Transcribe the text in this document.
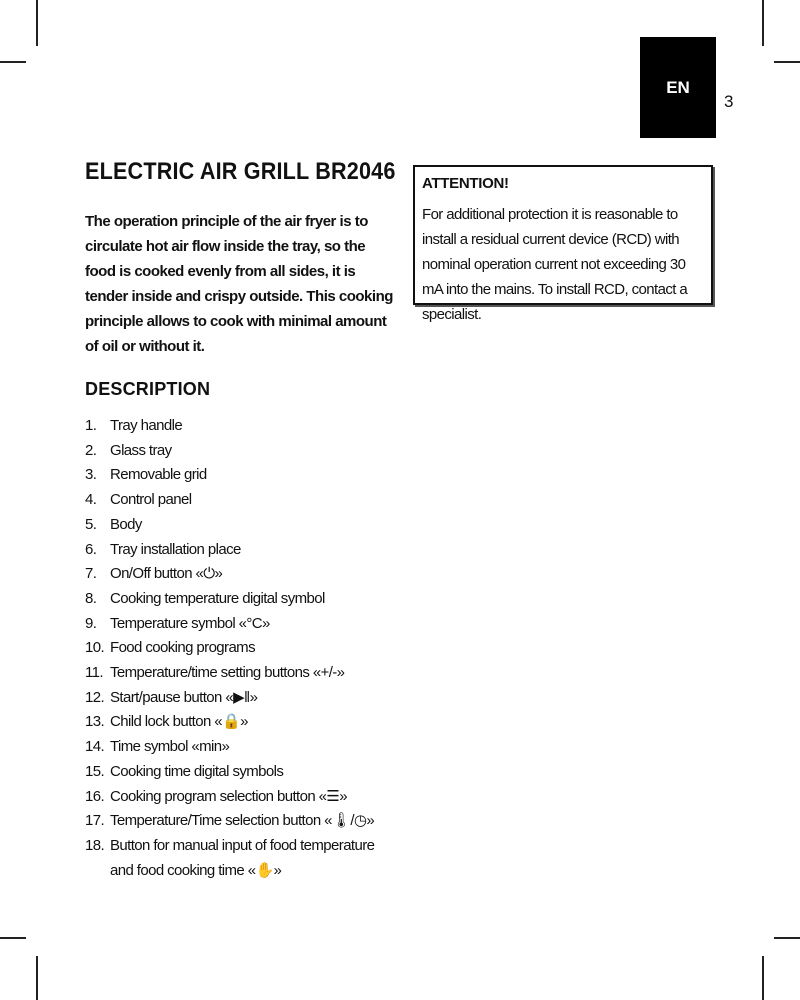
EN
3
ELECTRIC AIR GRILL BR2046

The operation principle of the air fryer is to circulate hot air flow inside the tray, so the food is cooked evenly from all sides, it is tender inside and crispy outside. This cooking principle allows to cook with minimal amount of oil or without it.

DESCRIPTION
1. Tray handle
2. Glass tray
3. Removable grid
4. Control panel
5. Body
6. Tray installation place
7. On/Off button «⏻»
8. Cooking temperature digital symbol
9. Temperature symbol «°C»
10. Food cooking programs
11. Temperature/time setting buttons «+/-»
12. Start/pause button «▶‖»
13. Child lock button «🔒»
14. Time symbol «min»
15. Cooking time digital symbols
16. Cooking program selection button «☰»
17. Temperature/Time selection button «🌡/◷»
18. Button for manual input of food temperature and food cooking time «✋»

ATTENTION!

For additional protection it is reasonable to install a residual current device (RCD) with nominal operation current not exceeding 30 mA into the mains. To install RCD, contact a specialist.
